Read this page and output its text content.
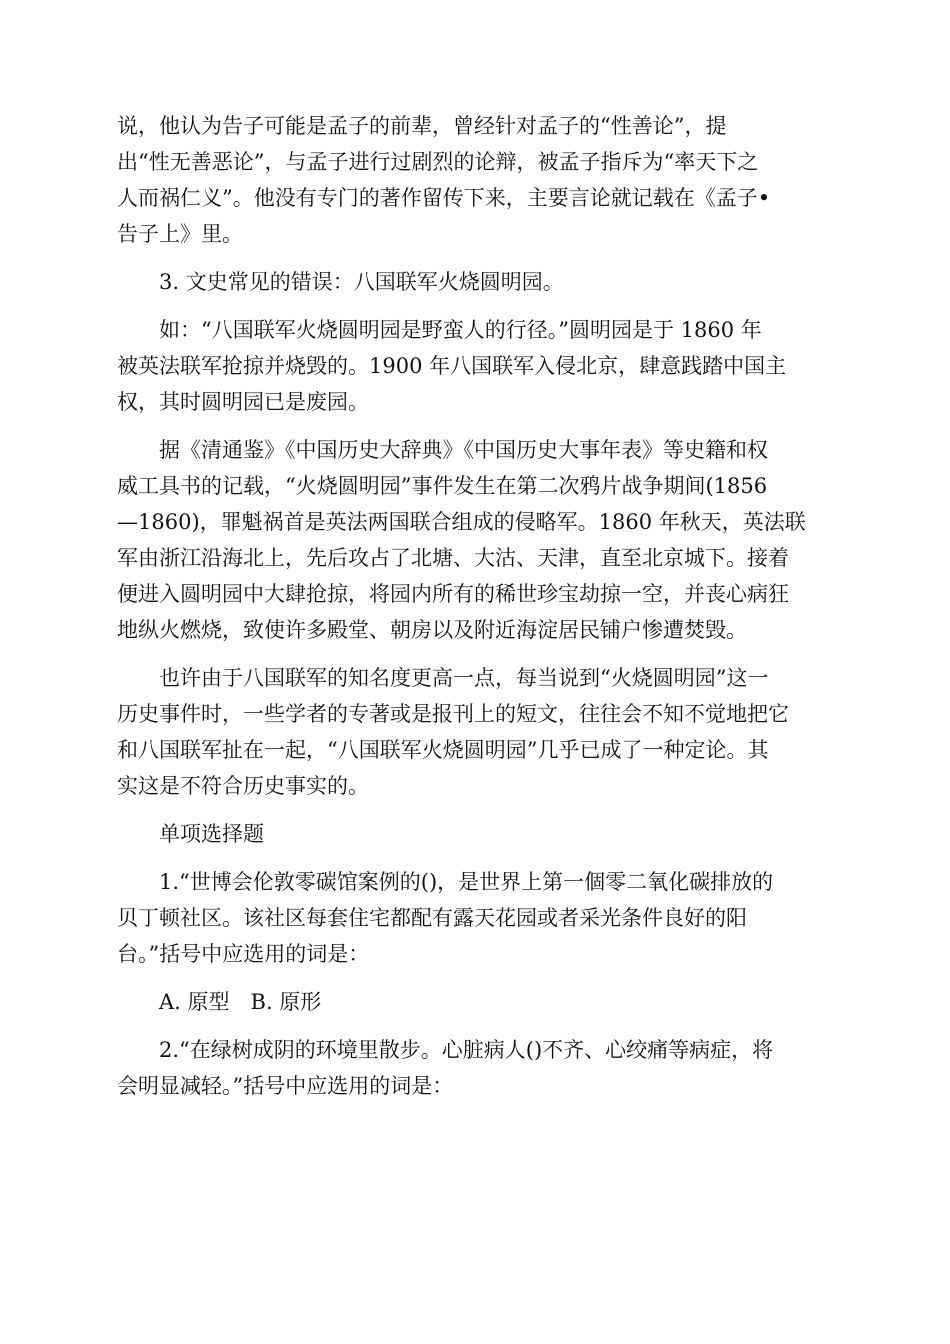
说，他认为告子可能是孟子的前辈，曾经针对孟子的“性善论”，提
出“性无善恶论”，与孟子进行过剧烈的论辩，被孟子指斥为“率天下之
人而祸仁义”。他没有专门的著作留传下来，主要言论就记载在《孟子•
告子上》里。
3. 文史常见的错误：八国联军火烧圆明园。
如：“八国联军火烧圆明园是野蛮人的行径。”圆明园是于 1860 年
被英法联军抢掠并烧毁的。1900 年八国联军入侵北京，肆意践踏中国主
权，其时圆明园已是废园。
据《清通鉴》《中国历史大辞典》《中国历史大事年表》等史籍和权
威工具书的记载，“火烧圆明园”事件发生在第二次鸦片战争期间(1856
—1860)，罪魁祸首是英法两国联合组成的侵略军。1860 年秋天，英法联
军由浙江沿海北上，先后攻占了北塘、大沽、天津，直至北京城下。接着
便进入圆明园中大肆抢掠，将园内所有的稀世珍宝劫掠一空，并丧心病狂
地纵火燃烧，致使许多殿堂、朝房以及附近海淀居民铺户惨遭焚毁。
也许由于八国联军的知名度更高一点，每当说到“火烧圆明园”这一
历史事件时，一些学者的专著或是报刊上的短文，往往会不知不觉地把它
和八国联军扯在一起，“八国联军火烧圆明园”几乎已成了一种定论。其
实这是不符合历史事实的。
单项选择题
1.“世博会伦敦零碳馆案例的()，是世界上第一個零二氧化碳排放的
贝丁顿社区。该社区每套住宅都配有露天花园或者采光条件良好的阳
台。”括号中应选用的词是：
A. 原型　B. 原形
2.“在绿树成阴的环境里散步。心脏病人()不齐、心绞痛等病症，将
会明显减轻。”括号中应选用的词是：
